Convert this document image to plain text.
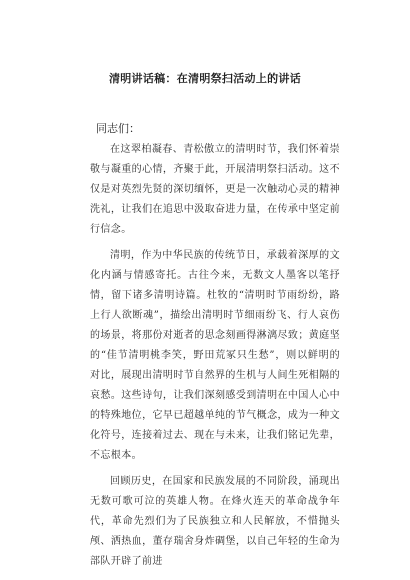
清明讲话稿：在清明祭扫活动上的讲话

同志们：

在这翠柏凝春、青松傲立的清明时节，我们怀着崇敬与凝重的心情，齐聚于此，开展清明祭扫活动。这不仅是对英烈先贤的深切缅怀，更是一次触动心灵的精神洗礼，让我们在追思中汲取奋进力量，在传承中坚定前行信念。

清明，作为中华民族的传统节日，承载着深厚的文化内涵与情感寄托。古往今来，无数文人墨客以笔抒情，留下诸多清明诗篇。杜牧的“清明时节雨纷纷，路上行人欲断魂”，描绘出清明时节细雨纷飞、行人哀伤的场景，将那份对逝者的思念刻画得淋漓尽致；黄庭坚的“佳节清明桃李笑，野田荒冢只生愁”，则以鲜明的对比，展现出清明时节自然界的生机与人间生死相隔的哀愁。这些诗句，让我们深刻感受到清明在中国人心中的特殊地位，它早已超越单纯的节气概念，成为一种文化符号，连接着过去、现在与未来，让我们铭记先辈，不忘根本。

回顾历史，在国家和民族发展的不同阶段，涌现出无数可歌可泣的英雄人物。在烽火连天的革命战争年代，革命先烈们为了民族独立和人民解放，不惜抛头颅、洒热血，董存瑞舍身炸碉堡，以自己年轻的生命为部队开辟了前进
